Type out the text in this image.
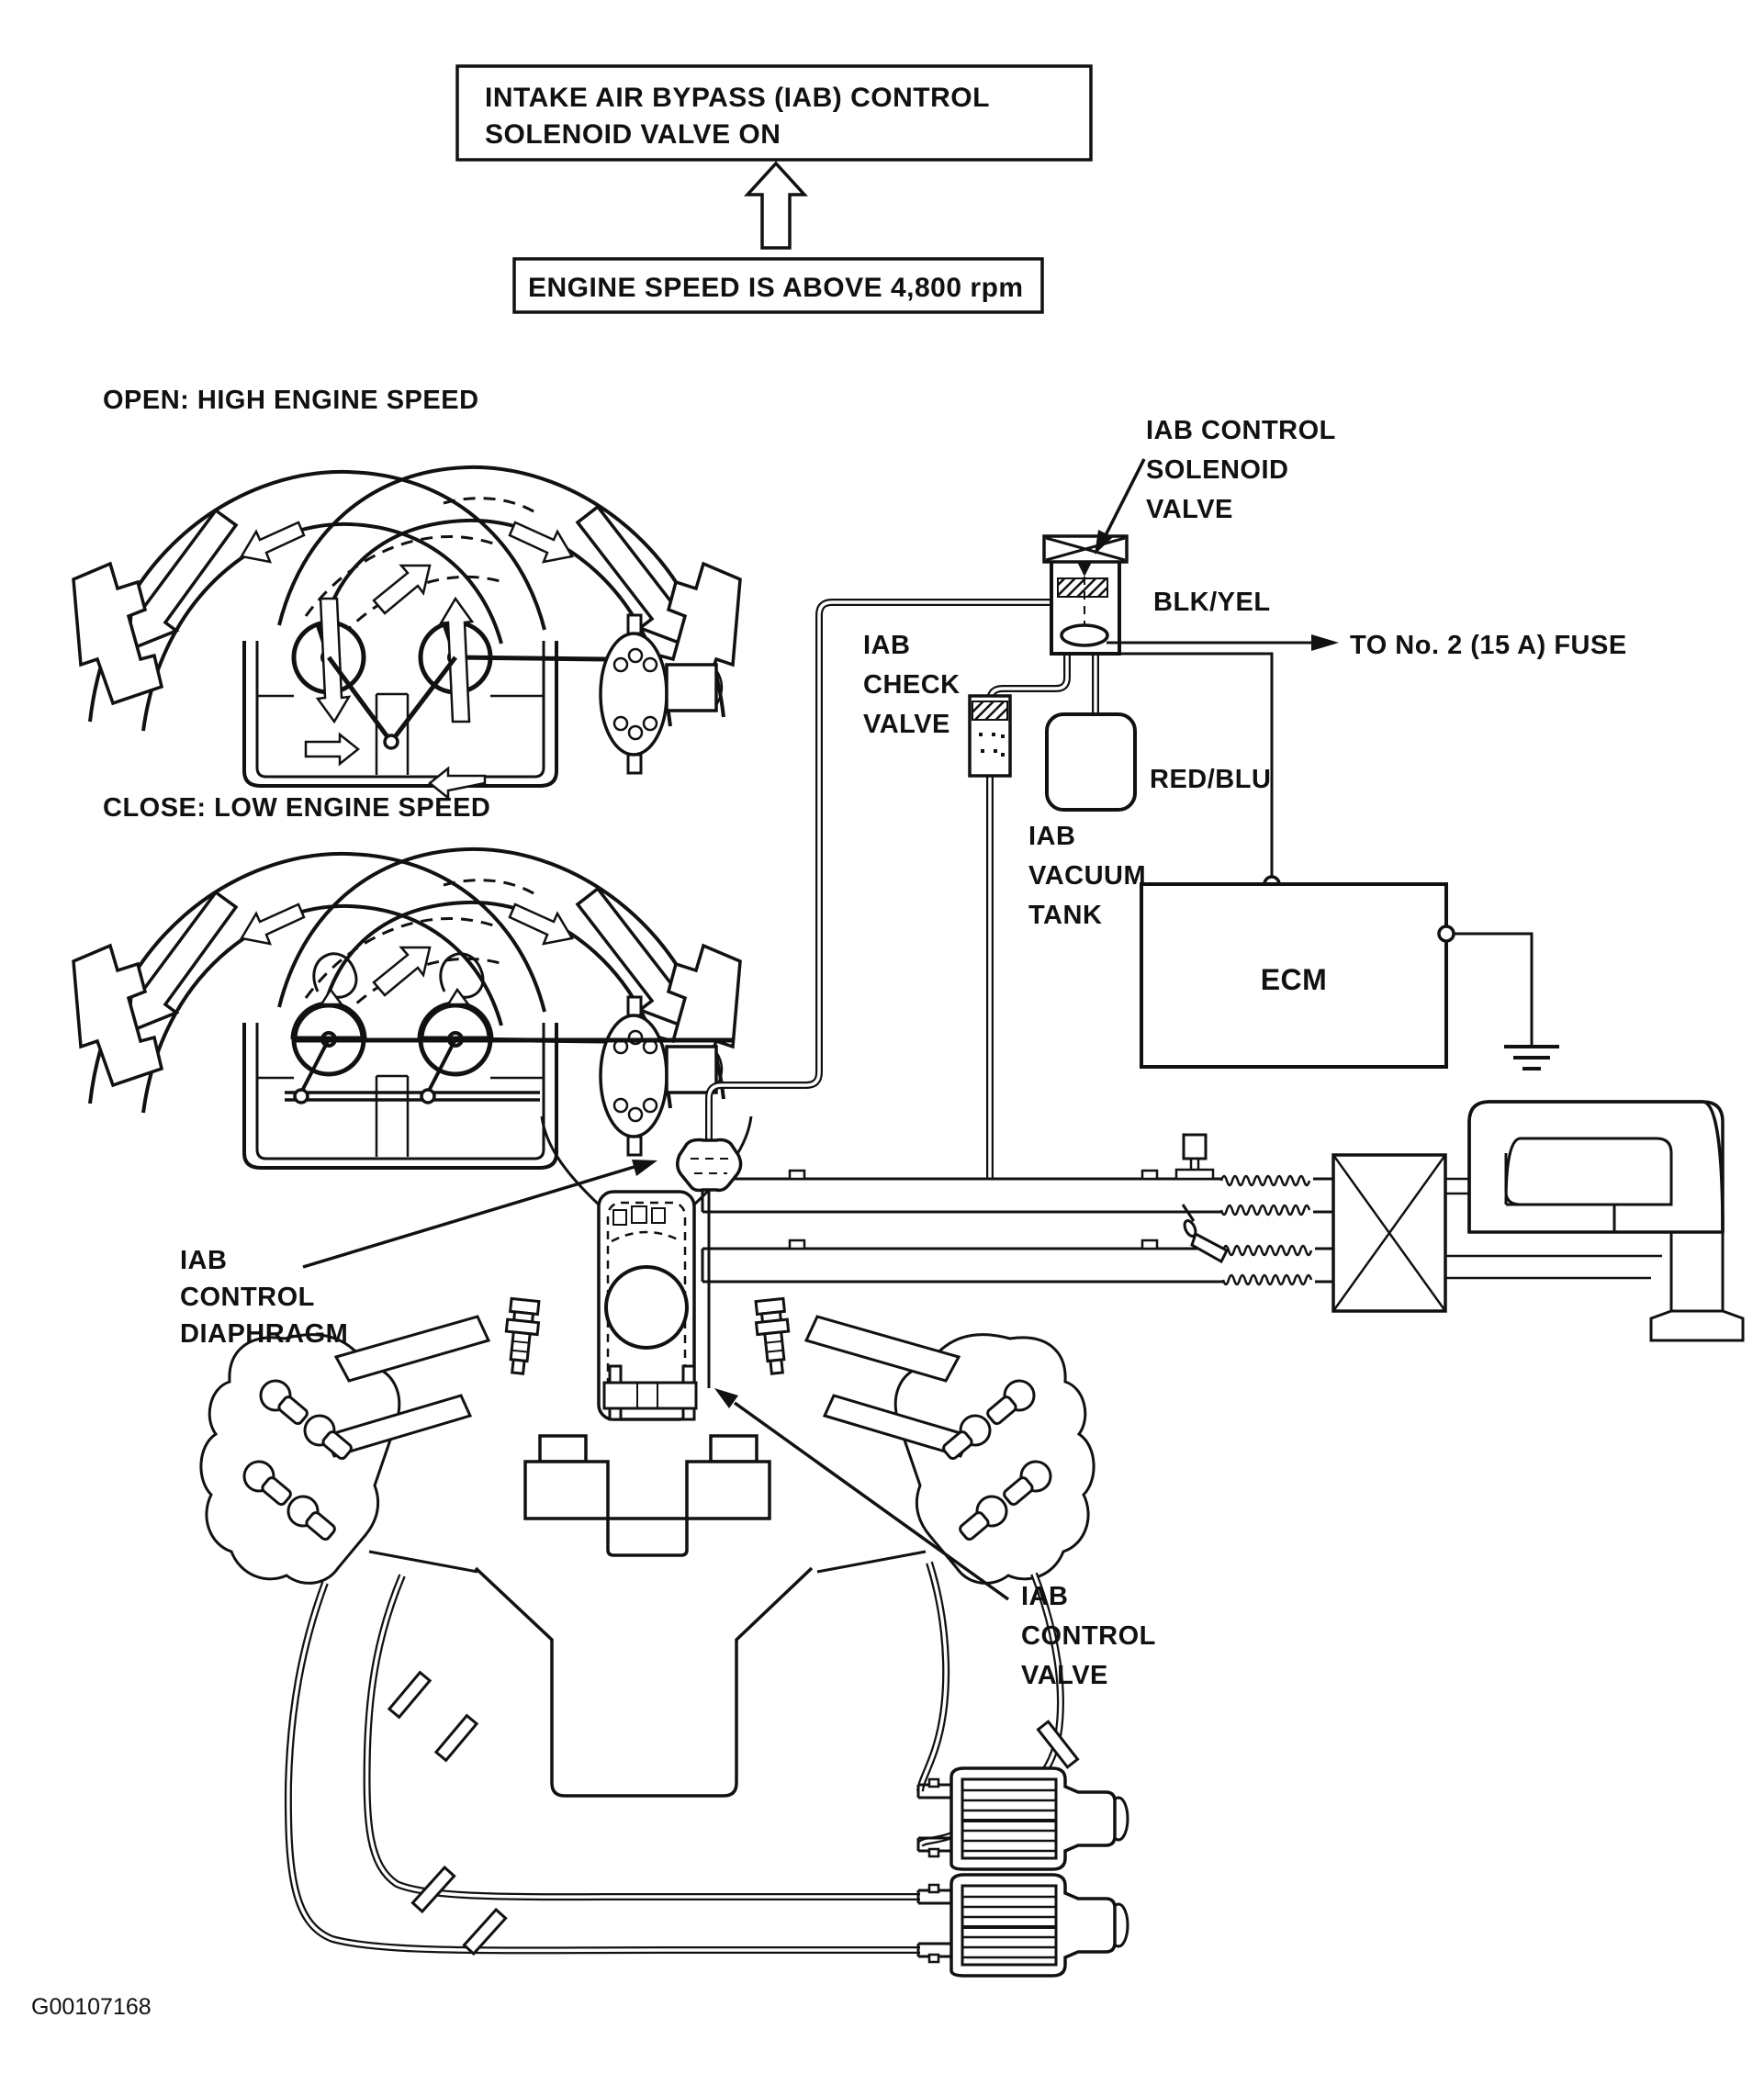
INTAKE AIR BYPASS (IAB) CONTROL
SOLENOID VALVE ON
ENGINE SPEED IS ABOVE 4,800 rpm
OPEN: HIGH ENGINE SPEED
CLOSE: LOW ENGINE SPEED
IAB CONTROL
SOLENOID
VALVE
BLK/YEL
TO No. 2 (15 A) FUSE
RED/BLU
IAB
CHECK
VALVE
IAB
VACUUM
TANK
ECM
IAB
CONTROL
DIAPHRAGM
IAB
CONTROL
VALVE
G00107168
